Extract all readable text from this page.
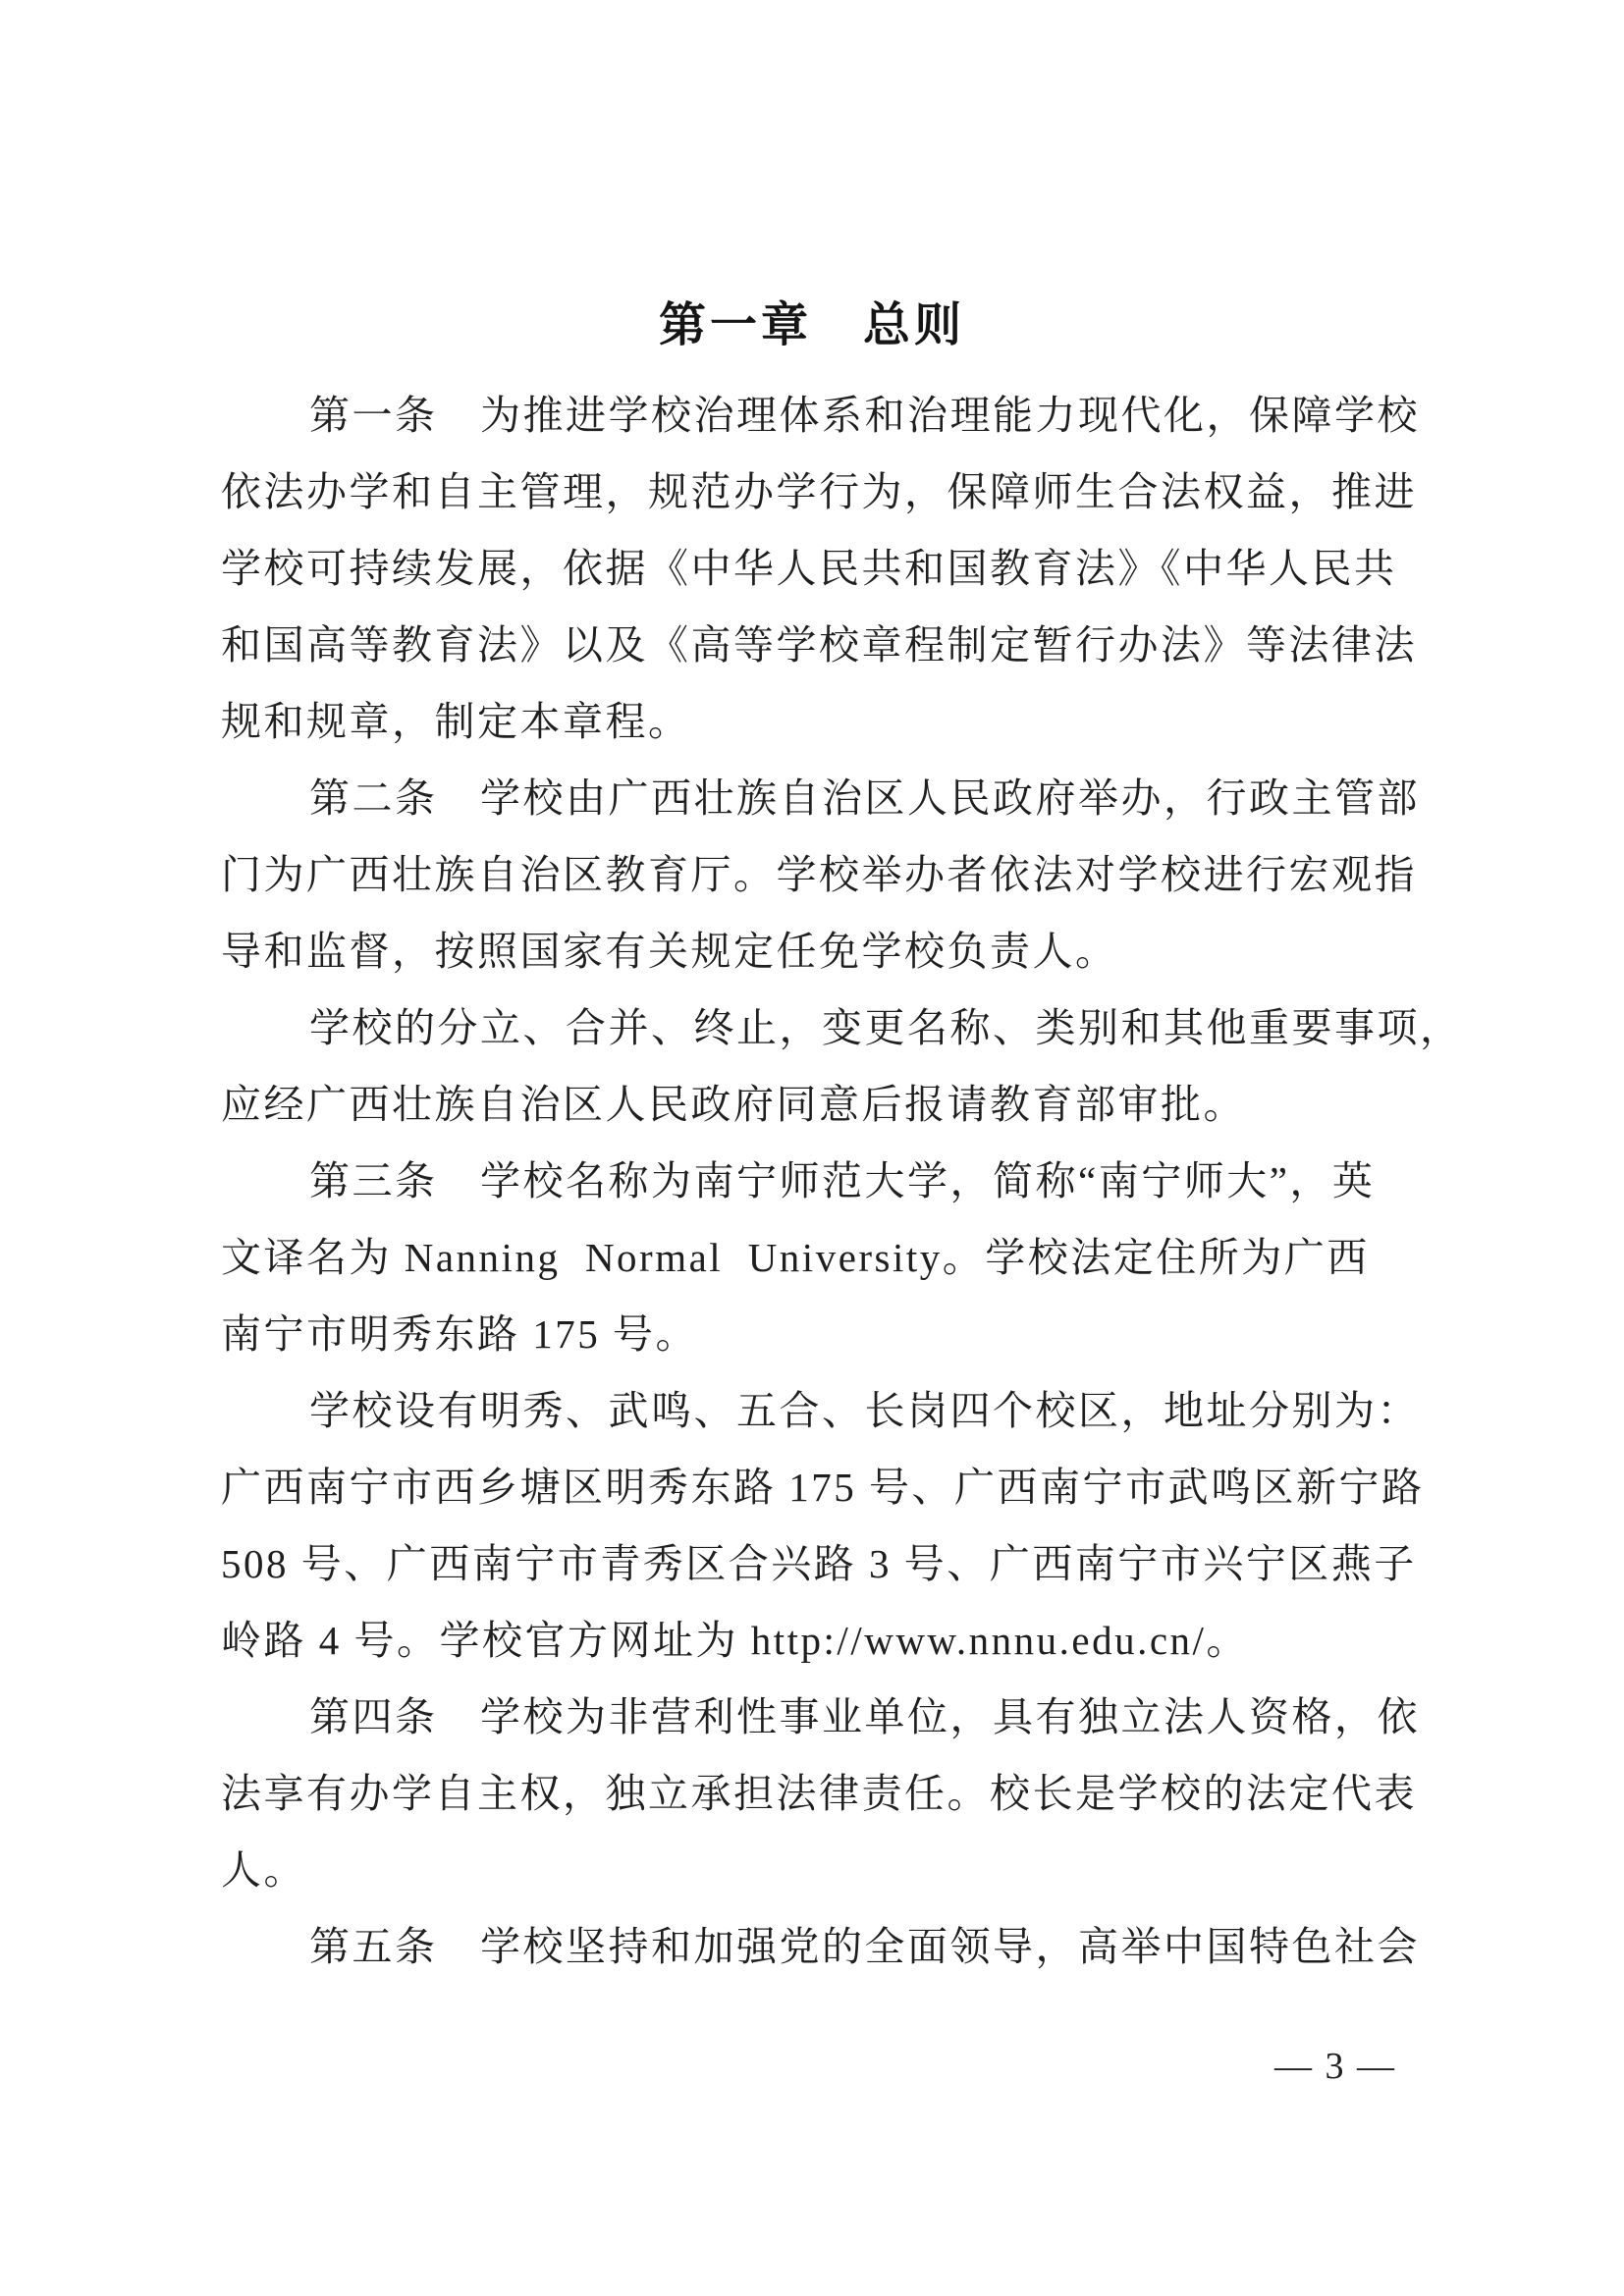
第一章　总则
第一条　为推进学校治理体系和治理能力现代化，保障学校
依法办学和自主管理，规范办学行为，保障师生合法权益，推进
学校可持续发展，依据《中华人民共和国教育法》《中华人民共
和国高等教育法》以及《高等学校章程制定暂行办法》等法律法
规和规章，制定本章程。
第二条　学校由广西壮族自治区人民政府举办，行政主管部
门为广西壮族自治区教育厅。学校举办者依法对学校进行宏观指
导和监督，按照国家有关规定任免学校负责人。
学校的分立、合并、终止，变更名称、类别和其他重要事项，
应经广西壮族自治区人民政府同意后报请教育部审批。
第三条　学校名称为南宁师范大学，简称“南宁师大”，英
文译名为 Nanning  Normal  University。学校法定住所为广西
南宁市明秀东路 175 号。
学校设有明秀、武鸣、五合、长岗四个校区，地址分别为：
广西南宁市西乡塘区明秀东路 175 号、广西南宁市武鸣区新宁路
508 号、广西南宁市青秀区合兴路 3 号、广西南宁市兴宁区燕子
岭路 4 号。学校官方网址为 http://www.nnnu.edu.cn/。
第四条　学校为非营利性事业单位，具有独立法人资格，依
法享有办学自主权，独立承担法律责任。校长是学校的法定代表
人。
第五条　学校坚持和加强党的全面领导，高举中国特色社会
— 3 —
